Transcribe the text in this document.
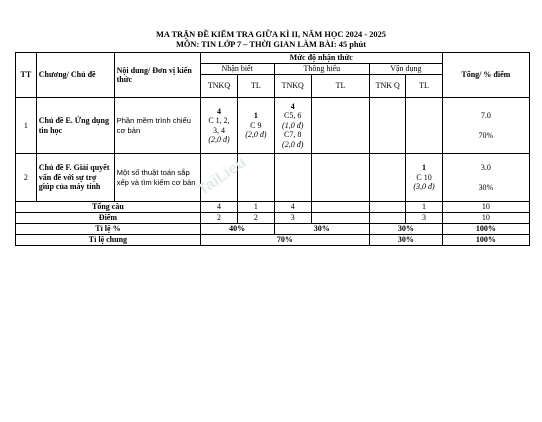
MA TRẬN ĐỀ KIỂM TRA GIỮA KÌ II, NĂM HỌC 2024 - 2025
MÔN: TIN LỚP 7 – THỜI GIAN LÀM BÀI: 45 phút
TT	Chương/ Chủ đề	Nội dung/ Đơn vị kiến thức	Mức độ nhận thức						Tổng/ % điểm
			Nhận biết		Thông hiểu		Vận dụng		
			TNKQ	TL	TNKQ	TL	TNK Q	TL	
1	Chủ đề E. Ứng dụng tin học	Phần mềm trình chiếu cơ bản	4
C 1, 2,
3, 4
(2,0 đ)	1
C 9
(2,0 đ)	4
C5, 6
(1,0 đ)
C7, 8
(2,0 đ)				7.0
70%

2	Chủ đề F. Giải quyết vấn đề với sự trợ giúp của máy tính	Một số thuật toán sắp xếp và tìm kiếm cơ bản						1
C 10
(3,0 đ)	3.0
30%

Tổng câu			4	1	4			1	10
Điểm			2	2	3			3	10
Tỉ lệ %			40%		30%		30%		100%
Tỉ lệ chung			70%				30%		100%
TaiLieu
